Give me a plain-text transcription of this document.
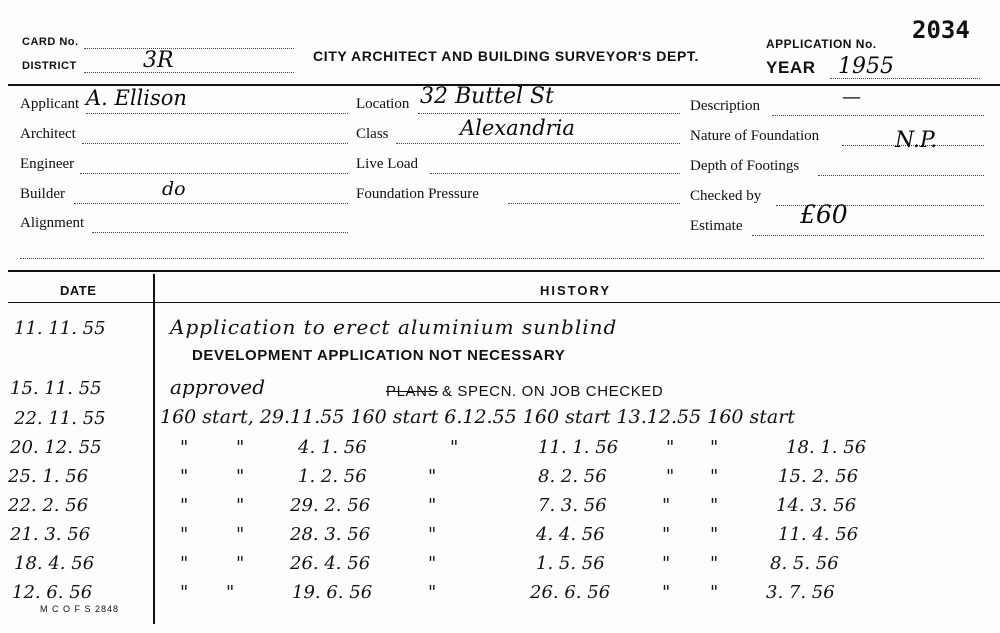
CARD No.
DISTRICT	3R	CITY ARCHITECT AND BUILDING SURVEYOR'S DEPT.
APPLICATION No. 2034
YEAR 1955
Applicant A. Ellison
Architect
Engineer
Builder	do
Alignment
Location 32 Buttel St
Class	Alexandria
Live Load
Foundation Pressure
Description	—
Nature of Foundation	N.P.
Depth of Footings
Checked by
Estimate £60
DATE	HISTORY
11. 11. 55	Application to erect aluminium sunblind
DEVELOPMENT APPLICATION NOT NECESSARY
15. 11. 55	approved	PLANS & SPECN. ON JOB CHECKED
22. 11. 55	160 start, 29.11.55 160 start 6.12.55 160 start 13.12.55 160 start
20. 12. 55	"	"	4. 1. 56	"	11. 1. 56	" "	18. 1. 56
25. 1. 56	"	"	1. 2. 56	"	8. 2. 56	" "	15. 2. 56
22. 2. 56	"	"	29. 2. 56	"	7. 3. 56	" "	14. 3. 56
21. 3. 56	"	"	28. 3. 56	"	4. 4. 56	" "	11. 4. 56
18. 4. 56	"	"	26. 4. 56	"	1. 5. 56	" "	8. 5. 56
12. 6. 56	" "	19. 6. 56	"	26. 6. 56	" "	3. 7. 56
M C O F S 2848
